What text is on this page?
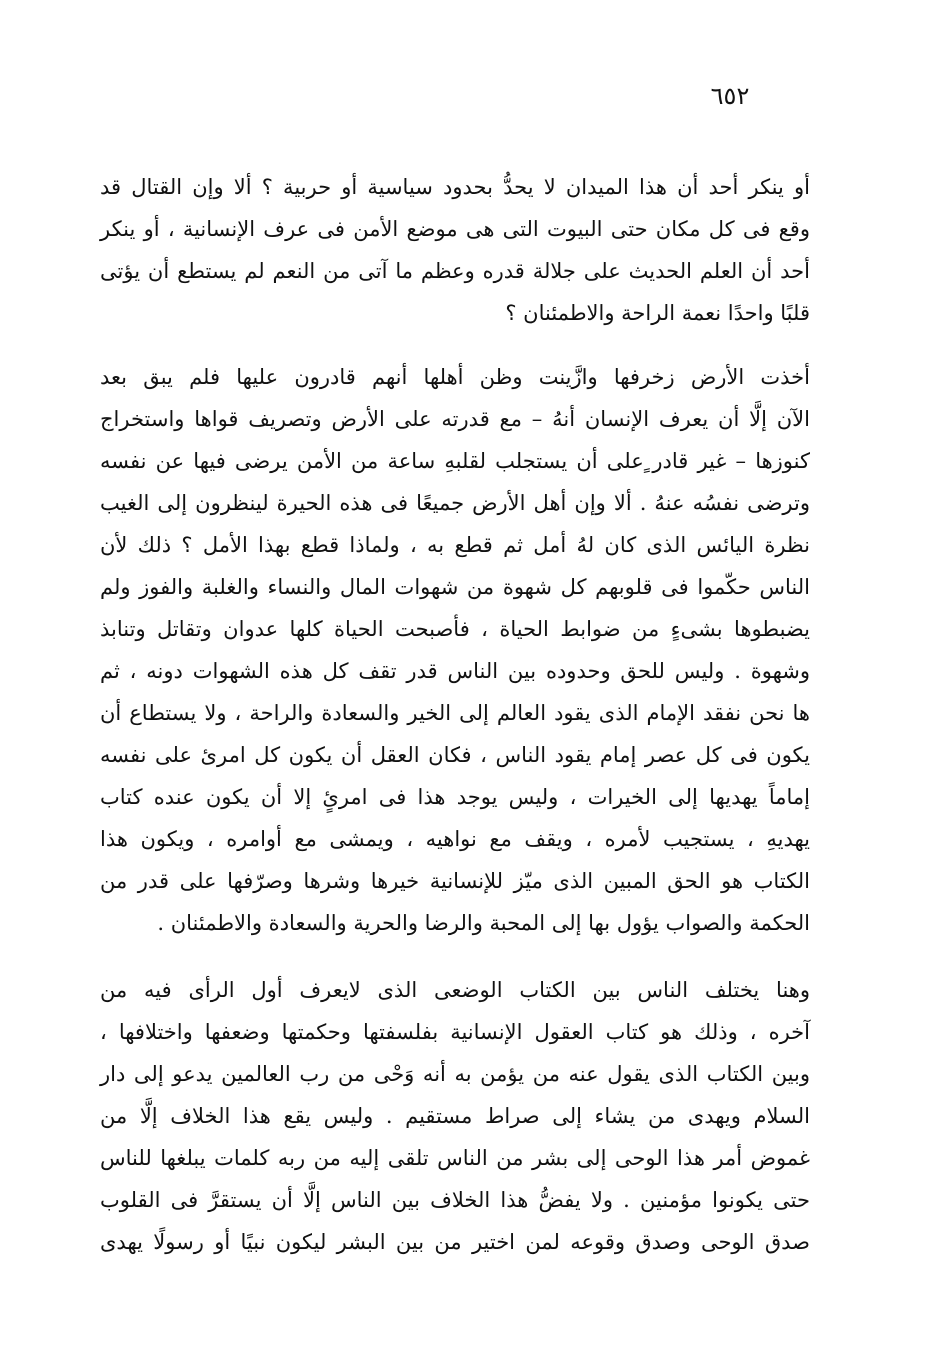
٦٥٢
أو ينكر أحد أن هذا الميدان لا يحدُّ بحدود سياسية أو حربية ؟ ألا وإن القتال قد
وقع فى كل مكان حتى البيوت التى هى موضع الأمن فى عرف الإنسانية ، أو ينكر
أحد أن العلم الحديث على جلالة قدره وعظم ما آتى من النعم لم يستطع أن يؤتى
قلبًا واحدًا نعمة الراحة والاطمئنان ؟
أخذت الأرض زخرفها وازَّينت وظن أهلها أنهم قادرون عليها فلم يبق بعد
الآن إلَّا أن يعرف الإنسان أنهُ – مع قدرته على الأرض وتصريف قواها واستخراج
كنوزها – غير قادر ٍعلى أن يستجلب لقلبهِ ساعة من الأمن يرضى فيها عن نفسه
وترضى نفسُه عنهُ . ألا وإن أهل الأرض جميعًا فى هذه الحيرة لينظرون إلى الغيب
نظرة اليائس الذى كان لهُ أمل ثم قطع به ، ولماذا قطع بهذا الأمل ؟ ذلك لأن
الناس حكّموا فى قلوبهم كل شهوة من شهوات المال والنساء والغلبة والفوز ولم
يضبطوها بشىءٍ من ضوابط الحياة ، فأصبحت الحياة كلها عدوان وتقاتل وتنابذ
وشهوة . وليس للحق وحدوده بين الناس قدر تقف كل هذه الشهوات دونه ، ثم
ها نحن نفقد الإمام الذى يقود العالم إلى الخير والسعادة والراحة ، ولا يستطاع أن
يكون فى كل عصر إمام يقود الناس ، فكان العقل أن يكون كل امرئ على نفسه
إماماً يهديها إلى الخيرات ، وليس يوجد هذا فى امرئٍ إلا أن يكون عنده كتاب
يهديهِ ، يستجيب لأمره ، ويقف مع نواهيه ، ويمشى مع أوامره ، ويكون هذا
الكتاب هو الحق المبين الذى ميّز للإنسانية خيرها وشرها وصرّفها على قدر من
الحكمة والصواب يؤول بها إلى المحبة والرضا والحرية والسعادة والاطمئنان .
وهنا يختلف الناس بين الكتاب الوضعى الذى لايعرف أول الرأى فيه من
آخره ، وذلك هو كتاب العقول الإنسانية بفلسفتها وحكمتها وضعفها واختلافها ،
وبين الكتاب الذى يقول عنه من يؤمن به أنه وَحْى من رب العالمين يدعو إلى دار
السلام ويهدى من يشاء إلى صراط مستقيم . وليس يقع هذا الخلاف إلَّا من
غموض أمر هذا الوحى إلى بشر من الناس تلقى إليه من ربه كلمات يبلغها للناس
حتى يكونوا مؤمنين . ولا يفضُّ هذا الخلاف بين الناس إلَّا أن يستقرَّ فى القلوب
صدق الوحى وصدق وقوعه لمن اختير من بين البشر ليكون نبيًا أو رسولًا يهدى
